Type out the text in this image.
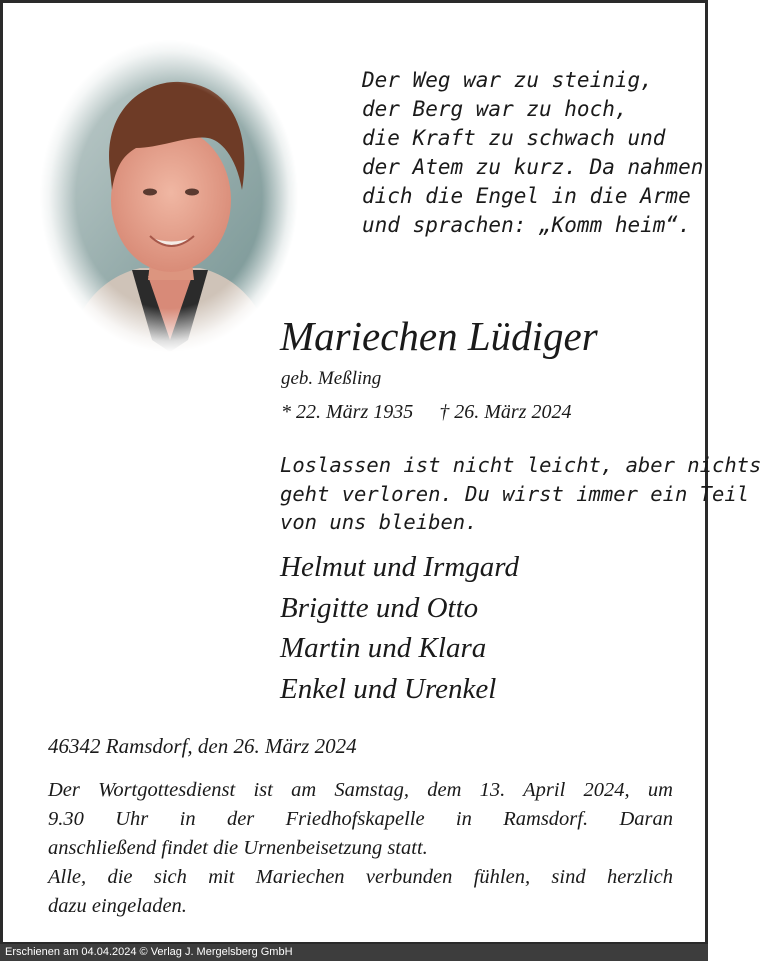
Der Weg war zu steinig,
der Berg war zu hoch,
die Kraft zu schwach und
der Atem zu kurz. Da nahmen
dich die Engel in die Arme
und sprachen: „Komm heim“.
Mariechen Lüdiger
geb. Meßling
* 22. März 1935 † 26. März 2024
Loslassen ist nicht leicht, aber nichts
geht verloren. Du wirst immer ein Teil
von uns bleiben.
Helmut und Irmgard
Brigitte und Otto
Martin und Klara
Enkel und Urenkel
46342 Ramsdorf, den 26. März 2024

Der Wortgottesdienst ist am Samstag, dem 13. April 2024, um
9.30 Uhr in der Friedhofskapelle in Ramsdorf. Daran
anschließend findet die Urnenbeisetzung statt.
Alle, die sich mit Mariechen verbunden fühlen, sind herzlich
dazu eingeladen.

Erschienen am 04.04.2024 © Verlag J. Mergelsberg GmbH
